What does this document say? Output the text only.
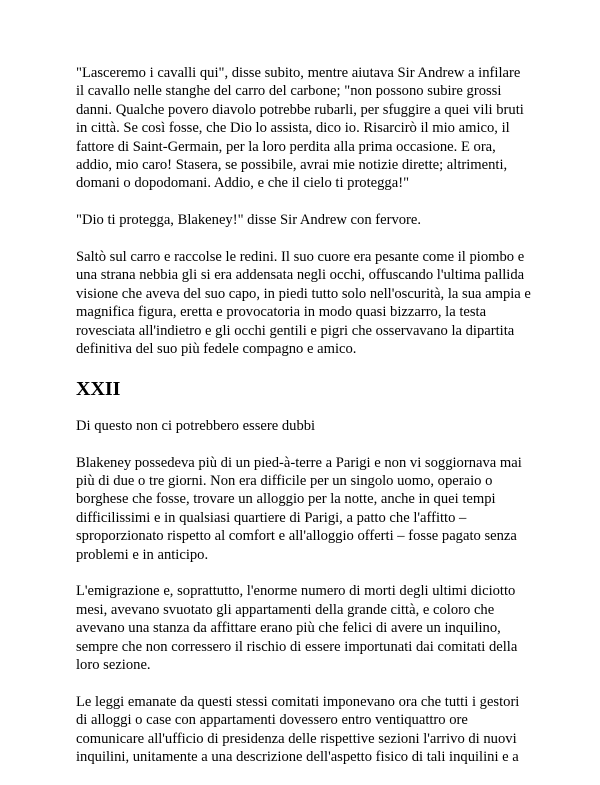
"Lasceremo i cavalli qui", disse subito, mentre aiutava Sir Andrew a infilare il cavallo nelle stanghe del carro del carbone; "non possono subire grossi danni. Qualche povero diavolo potrebbe rubarli, per sfuggire a quei vili bruti in città. Se così fosse, che Dio lo assista, dico io. Risarcirò il mio amico, il fattore di Saint-Germain, per la loro perdita alla prima occasione. E ora, addio, mio caro! Stasera, se possibile, avrai mie notizie dirette; altrimenti, domani o dopodomani. Addio, e che il cielo ti protegga!"

"Dio ti protegga, Blakeney!" disse Sir Andrew con fervore.

Saltò sul carro e raccolse le redini. Il suo cuore era pesante come il piombo e una strana nebbia gli si era addensata negli occhi, offuscando l'ultima pallida visione che aveva del suo capo, in piedi tutto solo nell'oscurità, la sua ampia e magnifica figura, eretta e provocatoria in modo quasi bizzarro, la testa rovesciata all'indietro e gli occhi gentili e pigri che osservavano la dipartita definitiva del suo più fedele compagno e amico.

XXII

Di questo non ci potrebbero essere dubbi

Blakeney possedeva più di un pied-à-terre a Parigi e non vi soggiornava mai più di due o tre giorni. Non era difficile per un singolo uomo, operaio o borghese che fosse, trovare un alloggio per la notte, anche in quei tempi difficilissimi e in qualsiasi quartiere di Parigi, a patto che l'affitto – sproporzionato rispetto al comfort e all'alloggio offerti – fosse pagato senza problemi e in anticipo.

L'emigrazione e, soprattutto, l'enorme numero di morti degli ultimi diciotto mesi, avevano svuotato gli appartamenti della grande città, e coloro che avevano una stanza da affittare erano più che felici di avere un inquilino, sempre che non corressero il rischio di essere importunati dai comitati della loro sezione.

Le leggi emanate da questi stessi comitati imponevano ora che tutti i gestori di alloggi o case con appartamenti dovessero entro ventiquattro ore comunicare all'ufficio di presidenza delle rispettive sezioni l'arrivo di nuovi inquilini, unitamente a una descrizione dell'aspetto fisico di tali inquilini e a
